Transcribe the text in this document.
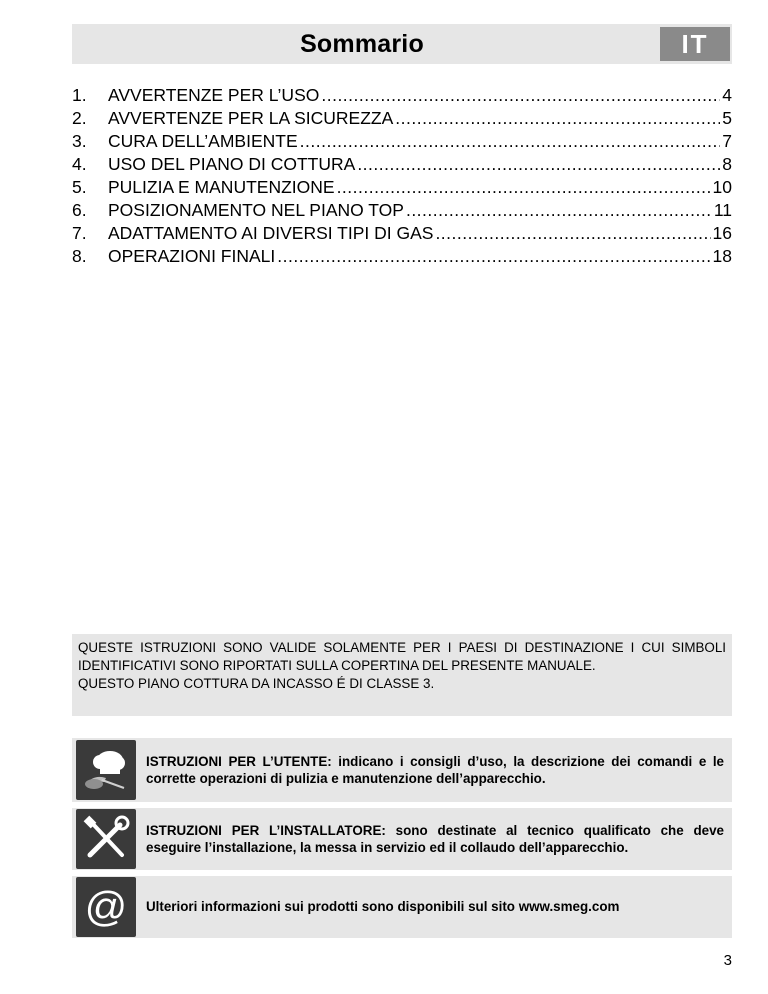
Sommario	IT
1.	AVVERTENZE PER L’USO .....	4
2.	AVVERTENZE PER LA SICUREZZA .....	5
3.	CURA DELL’AMBIENTE .....	7
4.	USO DEL PIANO DI COTTURA .....	8
5.	PULIZIA E MANUTENZIONE .....	10
6.	POSIZIONAMENTO NEL PIANO TOP .....	11
7.	ADATTAMENTO AI DIVERSI TIPI DI GAS .....	16
8.	OPERAZIONI FINALI .....	18

QUESTE ISTRUZIONI SONO VALIDE SOLAMENTE PER I PAESI DI DESTINAZIONE I CUI SIMBOLI IDENTIFICATIVI SONO RIPORTATI SULLA COPERTINA DEL PRESENTE MANUALE.

QUESTO PIANO COTTURA DA INCASSO É DI CLASSE 3.

ISTRUZIONI PER L’UTENTE: indicano i consigli d’uso, la descrizione dei comandi e le corrette operazioni di pulizia e manutenzione dell’apparecchio.
ISTRUZIONI PER L’INSTALLATORE: sono destinate al tecnico qualificato che deve eseguire l’installazione, la messa in servizio ed il collaudo dell’apparecchio.
@ Ulteriori informazioni sui prodotti sono disponibili sul sito www.smeg.com
3
